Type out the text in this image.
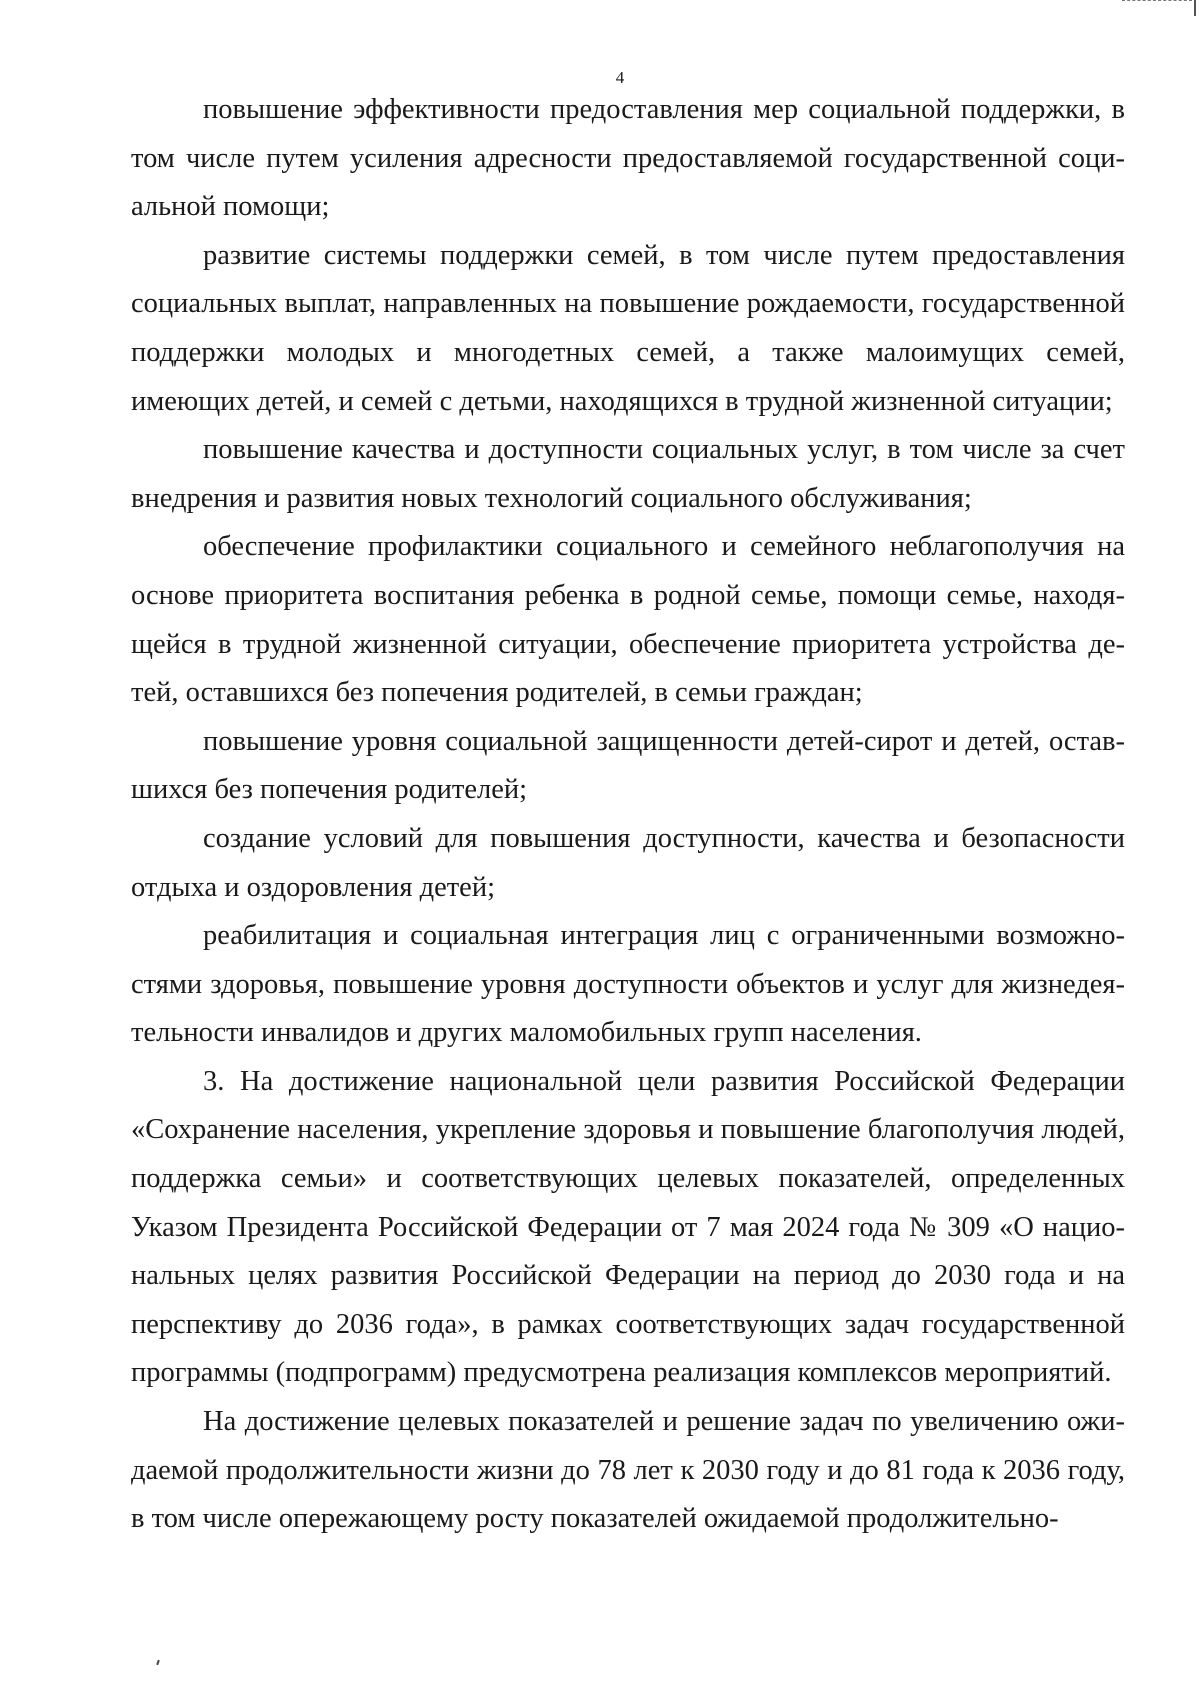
4

повышение эффективности предоставления мер социальной поддержки, в том числе путем усиления адресности предоставляемой государственной социальной помощи;

развитие системы поддержки семей, в том числе путем предоставления социальных выплат, направленных на повышение рождаемости, государственной поддержки молодых и многодетных семей, а также малоимущих семей, имеющих детей, и семей с детьми, находящихся в трудной жизненной ситуации;

повышение качества и доступности социальных услуг, в том числе за счет внедрения и развития новых технологий социального обслуживания;

обеспечение профилактики социального и семейного неблагополучия на основе приоритета воспитания ребенка в родной семье, помощи семье, находящейся в трудной жизненной ситуации, обеспечение приоритета устройства детей, оставшихся без попечения родителей, в семьи граждан;

повышение уровня социальной защищенности детей-сирот и детей, оставшихся без попечения родителей;

создание условий для повышения доступности, качества и безопасности отдыха и оздоровления детей;

реабилитация и социальная интеграция лиц с ограниченными возможностями здоровья, повышение уровня доступности объектов и услуг для жизнедеятельности инвалидов и других маломобильных групп населения.

3. На достижение национальной цели развития Российской Федерации «Сохранение населения, укрепление здоровья и повышение благополучия людей, поддержка семьи» и соответствующих целевых показателей, определенных Указом Президента Российской Федерации от 7 мая 2024 года № 309 «О национальных целях развития Российской Федерации на период до 2030 года и на перспективу до 2036 года», в рамках соответствующих задач государственной программы (подпрограмм) предусмотрена реализация комплексов мероприятий.

На достижение целевых показателей и решение задач по увеличению ожидаемой продолжительности жизни до 78 лет к 2030 году и до 81 года к 2036 году, в том числе опережающему росту показателей ожидаемой продолжительно-
